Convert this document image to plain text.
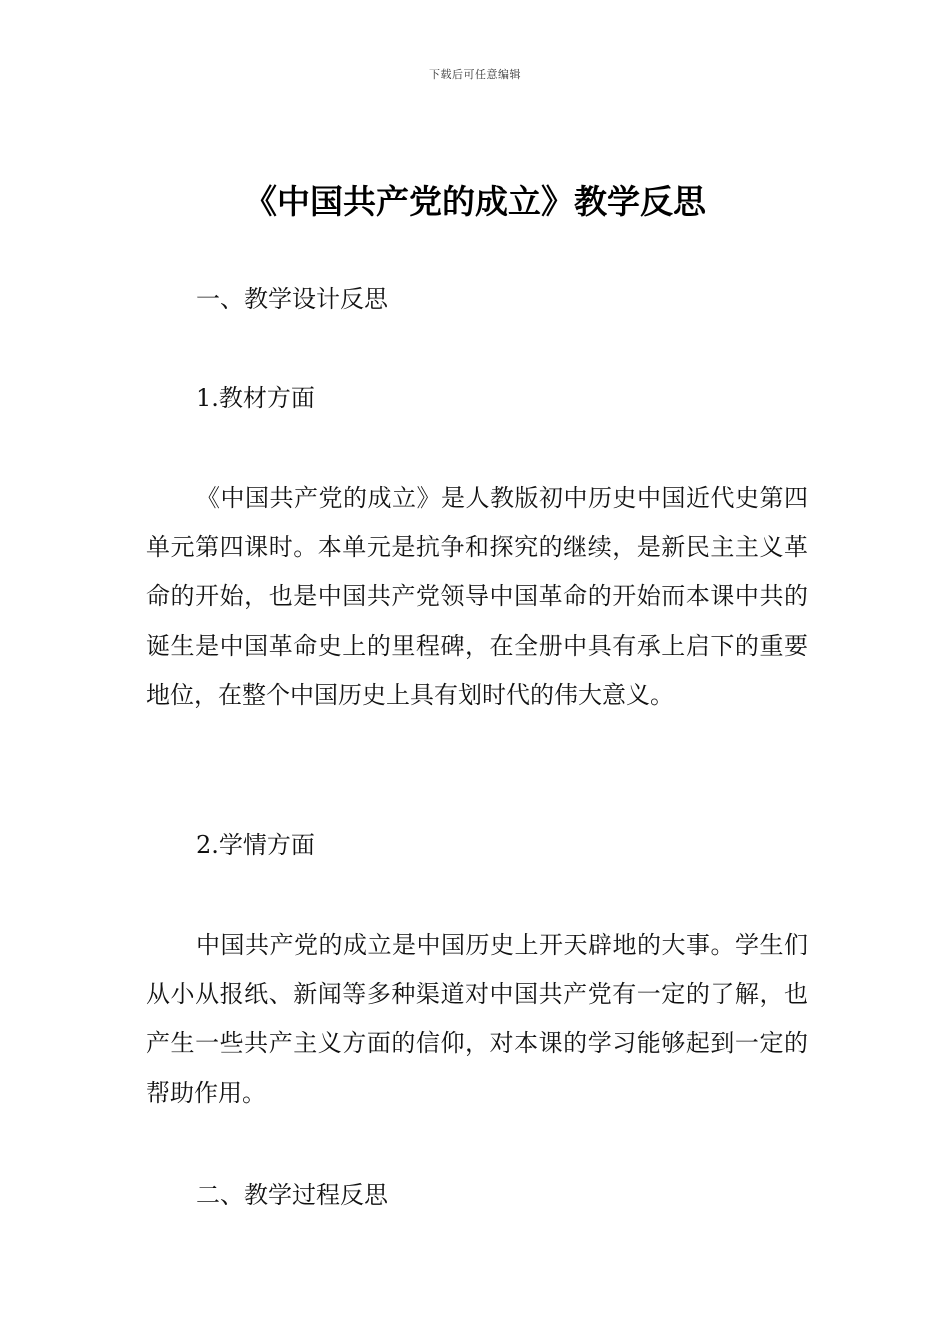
下载后可任意编辑
《中国共产党的成立》教学反思
一、教学设计反思
1.教材方面

《中国共产党的成立》是人教版初中历史中国近代史第四单元第四课时。本单元是抗争和探究的继续，是新民主主义革命的开始，也是中国共产党领导中国革命的开始而本课中共的诞生是中国革命史上的里程碑，在全册中具有承上启下的重要地位，在整个中国历史上具有划时代的伟大意义。

2.学情方面

中国共产党的成立是中国历史上开天辟地的大事。学生们从小从报纸、新闻等多种渠道对中国共产党有一定的了解，也产生一些共产主义方面的信仰，对本课的学习能够起到一定的帮助作用。

二、教学过程反思
